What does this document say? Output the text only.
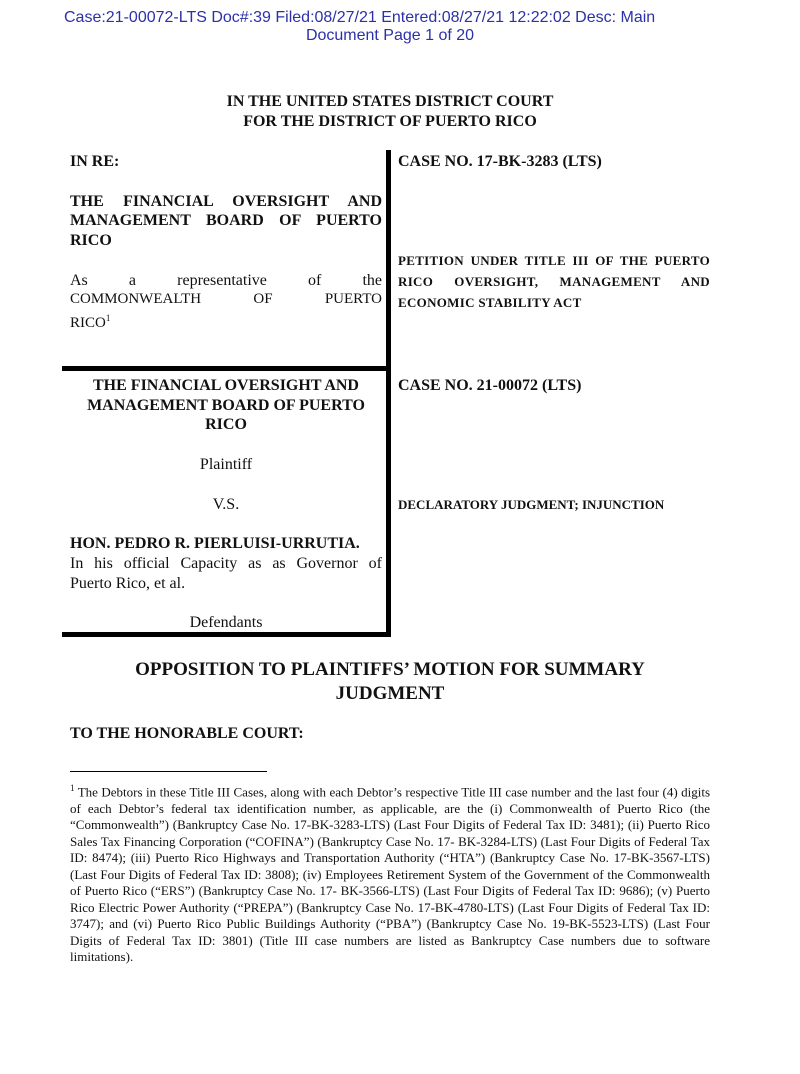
Case:21-00072-LTS Doc#:39 Filed:08/27/21 Entered:08/27/21 12:22:02 Desc: Main
Document Page 1 of 20
IN THE UNITED STATES DISTRICT COURT
FOR THE DISTRICT OF PUERTO RICO
IN RE:
THE FINANCIAL OVERSIGHT AND
MANAGEMENT BOARD OF PUERTO
RICO
As a representative of the
COMMONWEALTH OF PUERTO
RICO$^1$
CASE NO. 17-BK-3283 (LTS)
PETITION UNDER TITLE III OF THE PUERTO
RICO OVERSIGHT, MANAGEMENT AND
ECONOMIC STABILITY ACT
THE FINANCIAL OVERSIGHT AND
MANAGEMENT BOARD OF PUERTO
RICO
Plaintiff
V.S.
HON. PEDRO R. PIERLUISI-URRUTIA.
In his official Capacity as as Governor of
Puerto Rico, et al.
Defendants
CASE NO. 21-00072 (LTS)
DECLARATORY JUDGMENT; INJUNCTION
OPPOSITION TO PLAINTIFFS’ MOTION FOR SUMMARY
JUDGMENT
TO THE HONORABLE COURT:
$^1$ The Debtors in these Title III Cases, along with each Debtor’s respective Title III case number and the last four (4) digits of each Debtor’s federal tax identification number, as applicable, are the (i) Commonwealth of Puerto Rico (the “Commonwealth”) (Bankruptcy Case No. 17-BK-3283-LTS) (Last Four Digits of Federal Tax ID: 3481); (ii) Puerto Rico Sales Tax Financing Corporation (“COFINA”) (Bankruptcy Case No. 17- BK-3284-LTS) (Last Four Digits of Federal Tax ID: 8474); (iii) Puerto Rico Highways and Transportation Authority (“HTA”) (Bankruptcy Case No. 17-BK-3567-LTS) (Last Four Digits of Federal Tax ID: 3808); (iv) Employees Retirement System of the Government of the Commonwealth of Puerto Rico (“ERS”) (Bankruptcy Case No. 17- BK-3566-LTS) (Last Four Digits of Federal Tax ID: 9686); (v) Puerto Rico Electric Power Authority (“PREPA”) (Bankruptcy Case No. 17-BK-4780-LTS) (Last Four Digits of Federal Tax ID: 3747); and (vi) Puerto Rico Public Buildings Authority (“PBA”) (Bankruptcy Case No. 19-BK-5523-LTS) (Last Four Digits of Federal Tax ID: 3801) (Title III case numbers are listed as Bankruptcy Case numbers due to software limitations).
